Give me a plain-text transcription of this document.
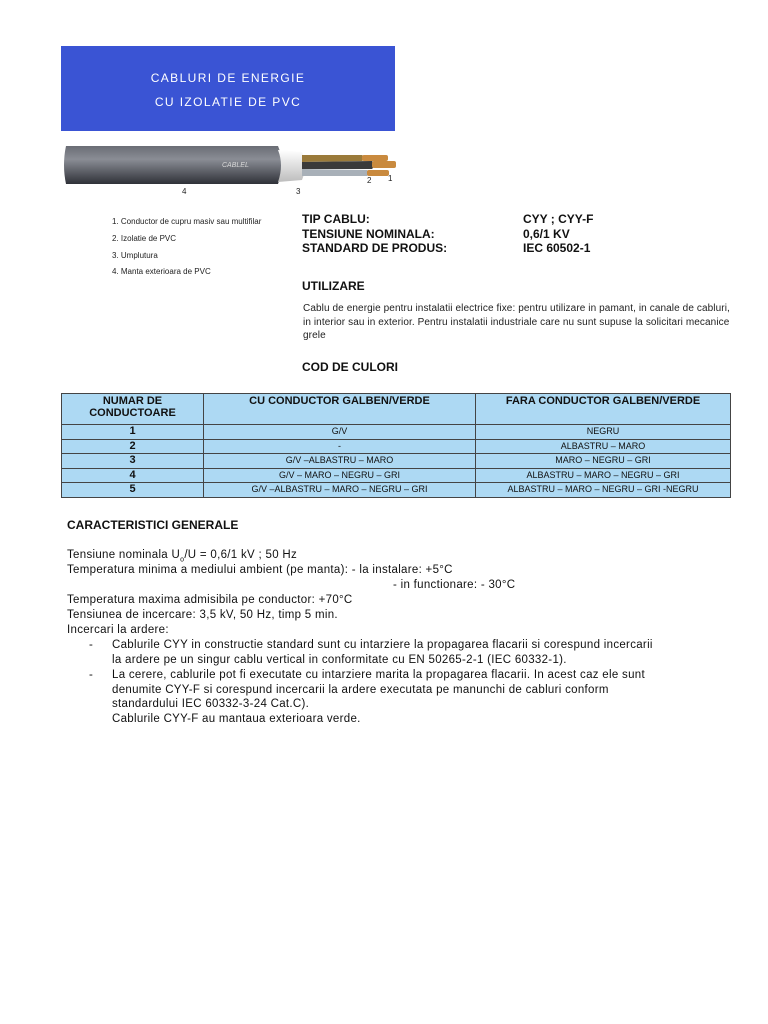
CABLURI DE ENERGIE
CU IZOLATIE DE PVC
CABLEL
4	3
2 1
1. Conductor de cupru masiv sau multifilar
2. Izolatie de PVC
3. Umplutura
4. Manta exterioara de PVC
TIP CABLU:	CYY ; CYY-F
TENSIUNE NOMINALA:	0,6/1 KV
STANDARD DE PRODUS:	IEC 60502-1
UTILIZARE
Cablu de energie pentru instalatii electrice fixe: pentru utilizare in pamant, in canale de cabluri, in interior sau in exterior. Pentru instalatii industriale care nu sunt supuse la solicitari mecanice grele
COD DE CULORI
NUMAR DE CONDUCTOARE	CU CONDUCTOR GALBEN/VERDE	FARA CONDUCTOR GALBEN/VERDE
1	G/V	NEGRU
2	-	ALBASTRU – MARO
3	G/V –ALBASTRU – MARO	MARO – NEGRU – GRI
4	G/V – MARO – NEGRU – GRI	ALBASTRU – MARO – NEGRU – GRI
5	G/V –ALBASTRU – MARO – NEGRU – GRI	ALBASTRU – MARO – NEGRU – GRI -NEGRU
CARACTERISTICI GENERALE
Tensiune nominala $U_o/U = 0,6/1$ kV ; 50 Hz
Temperatura minima a mediului ambient (pe manta): - la instalare: +5°C
- in functionare: - 30°C
Temperatura maxima admisibila pe conductor: +70°C
Tensiunea de incercare: 3,5 kV, 50 Hz, timp 5 min.
Incercari la ardere:
- Cablurile CYY in constructie standard sunt cu intarziere la propagarea flacarii si corespund incercarii
la ardere pe un singur cablu vertical in conformitate cu EN 50265-2-1 (IEC 60332-1).
- La cerere, cablurile pot fi executate cu intarziere marita la propagarea flacarii. In acest caz ele sunt
denumite CYY-F si corespund incercarii la ardere executata pe manunchi de cabluri conform
standardului IEC 60332-3-24 Cat.C).
Cablurile CYY-F au mantaua exterioara verde.
